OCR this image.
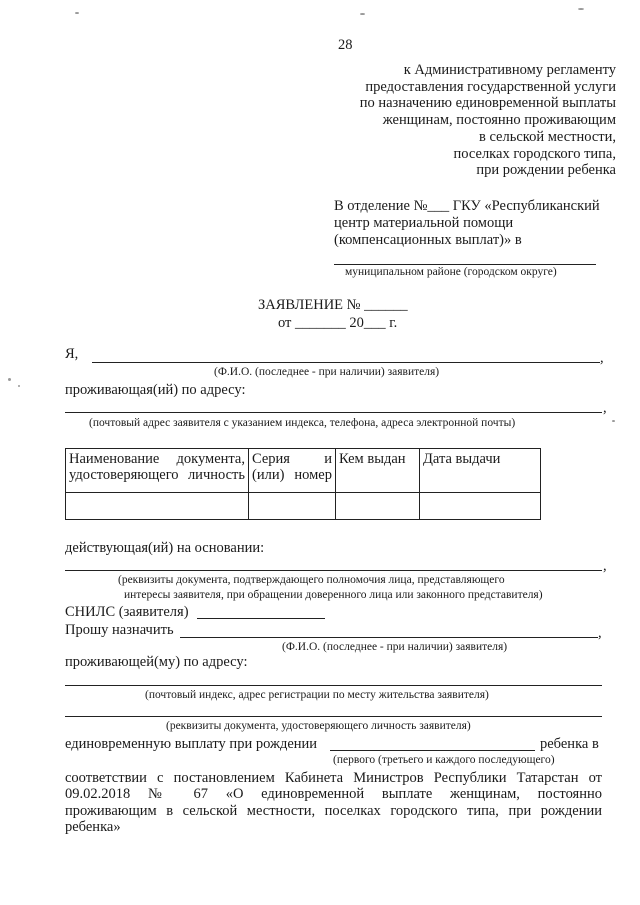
28
к Административному регламенту
предоставления государственной услуги
по назначению единовременной выплаты
женщинам, постоянно проживающим
в сельской местности,
поселках городского типа,
при рождении ребенка
В отделение №___ ГКУ «Республиканский
центр материальной помощи
(компенсационных выплат)» в
муниципальном районе (городском округе)
ЗАЯВЛЕНИЕ № ______
от _______ 20___ г.
Я,	,
(Ф.И.О. (последнее - при наличии) заявителя)
проживающая(ий) по адресу:
,
(почтовый адрес заявителя с указанием индекса, телефона, адреса электронной почты)
Наименование документа, удостоверяющего личность	Серия и (или) номер	Кем выдан	Дата выдачи

действующая(ий) на основании:
,
(реквизиты документа, подтверждающего полномочия лица, представляющего
интересы заявителя, при обращении доверенного лица или законного представителя)
СНИЛС (заявителя)
Прошу назначить	,
(Ф.И.О. (последнее - при наличии) заявителя)
проживающей(му) по адресу:
(почтовый индекс, адрес регистрации по месту жительства заявителя)
(реквизиты документа, удостоверяющего личность заявителя)
единовременную выплату при рождении	ребенка в
(первого (третьего и каждого последующего)
соответствии с постановлением Кабинета Министров Республики Татарстан от
09.02.2018 № 67 «О единовременной выплате женщинам, постоянно
проживающим в сельской местности, поселках городского типа, при рождении
ребенка»
